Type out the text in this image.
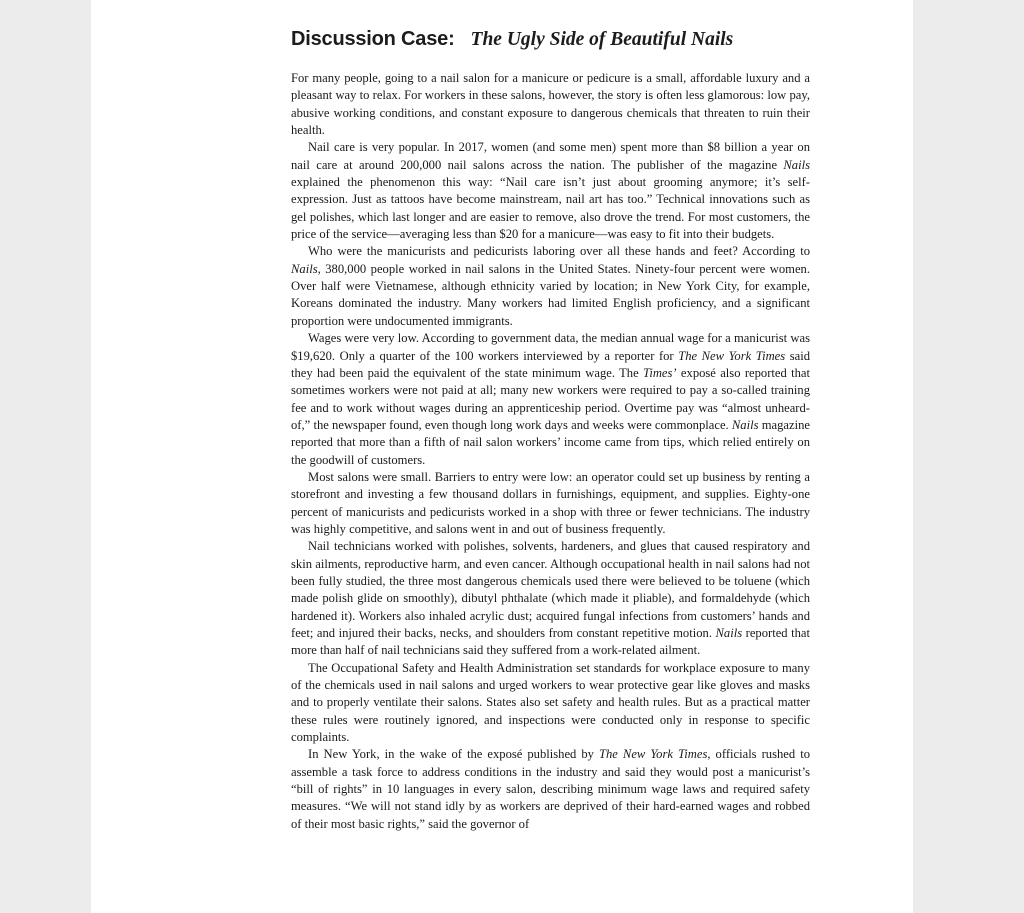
Discussion Case: The Ugly Side of Beautiful Nails

For many people, going to a nail salon for a manicure or pedicure is a small, affordable luxury and a pleasant way to relax. For workers in these salons, however, the story is often less glamorous: low pay, abusive working conditions, and constant exposure to dangerous chemicals that threaten to ruin their health.

Nail care is very popular. In 2017, women (and some men) spent more than $8 billion a year on nail care at around 200,000 nail salons across the nation. The publisher of the magazine Nails explained the phenomenon this way: “Nail care isn’t just about grooming anymore; it’s self-expression. Just as tattoos have become mainstream, nail art has too.” Technical innovations such as gel polishes, which last longer and are easier to remove, also drove the trend. For most customers, the price of the service—averaging less than $20 for a manicure—was easy to fit into their budgets.

Who were the manicurists and pedicurists laboring over all these hands and feet? According to Nails, 380,000 people worked in nail salons in the United States. Ninety-four percent were women. Over half were Vietnamese, although ethnicity varied by location; in New York City, for example, Koreans dominated the industry. Many workers had limited English proficiency, and a significant proportion were undocumented immigrants.

Wages were very low. According to government data, the median annual wage for a manicurist was $19,620. Only a quarter of the 100 workers interviewed by a reporter for The New York Times said they had been paid the equivalent of the state minimum wage. The Times’ exposé also reported that sometimes workers were not paid at all; many new workers were required to pay a so-called training fee and to work without wages during an apprenticeship period. Overtime pay was “almost unheard-of,” the newspaper found, even though long work days and weeks were commonplace. Nails magazine reported that more than a fifth of nail salon workers’ income came from tips, which relied entirely on the goodwill of customers.

Most salons were small. Barriers to entry were low: an operator could set up business by renting a storefront and investing a few thousand dollars in furnishings, equipment, and supplies. Eighty-one percent of manicurists and pedicurists worked in a shop with three or fewer technicians. The industry was highly competitive, and salons went in and out of business frequently.

Nail technicians worked with polishes, solvents, hardeners, and glues that caused respiratory and skin ailments, reproductive harm, and even cancer. Although occupational health in nail salons had not been fully studied, the three most dangerous chemicals used there were believed to be toluene (which made polish glide on smoothly), dibutyl phthalate (which made it pliable), and formaldehyde (which hardened it). Workers also inhaled acrylic dust; acquired fungal infections from customers’ hands and feet; and injured their backs, necks, and shoulders from constant repetitive motion. Nails reported that more than half of nail technicians said they suffered from a work-related ailment.

The Occupational Safety and Health Administration set standards for workplace exposure to many of the chemicals used in nail salons and urged workers to wear protective gear like gloves and masks and to properly ventilate their salons. States also set safety and health rules. But as a practical matter these rules were routinely ignored, and inspections were conducted only in response to specific complaints.

In New York, in the wake of the exposé published by The New York Times, officials rushed to assemble a task force to address conditions in the industry and said they would post a manicurist’s “bill of rights” in 10 languages in every salon, describing minimum wage laws and required safety measures. “We will not stand idly by as workers are deprived of their hard-earned wages and robbed of their most basic rights,” said the governor of
